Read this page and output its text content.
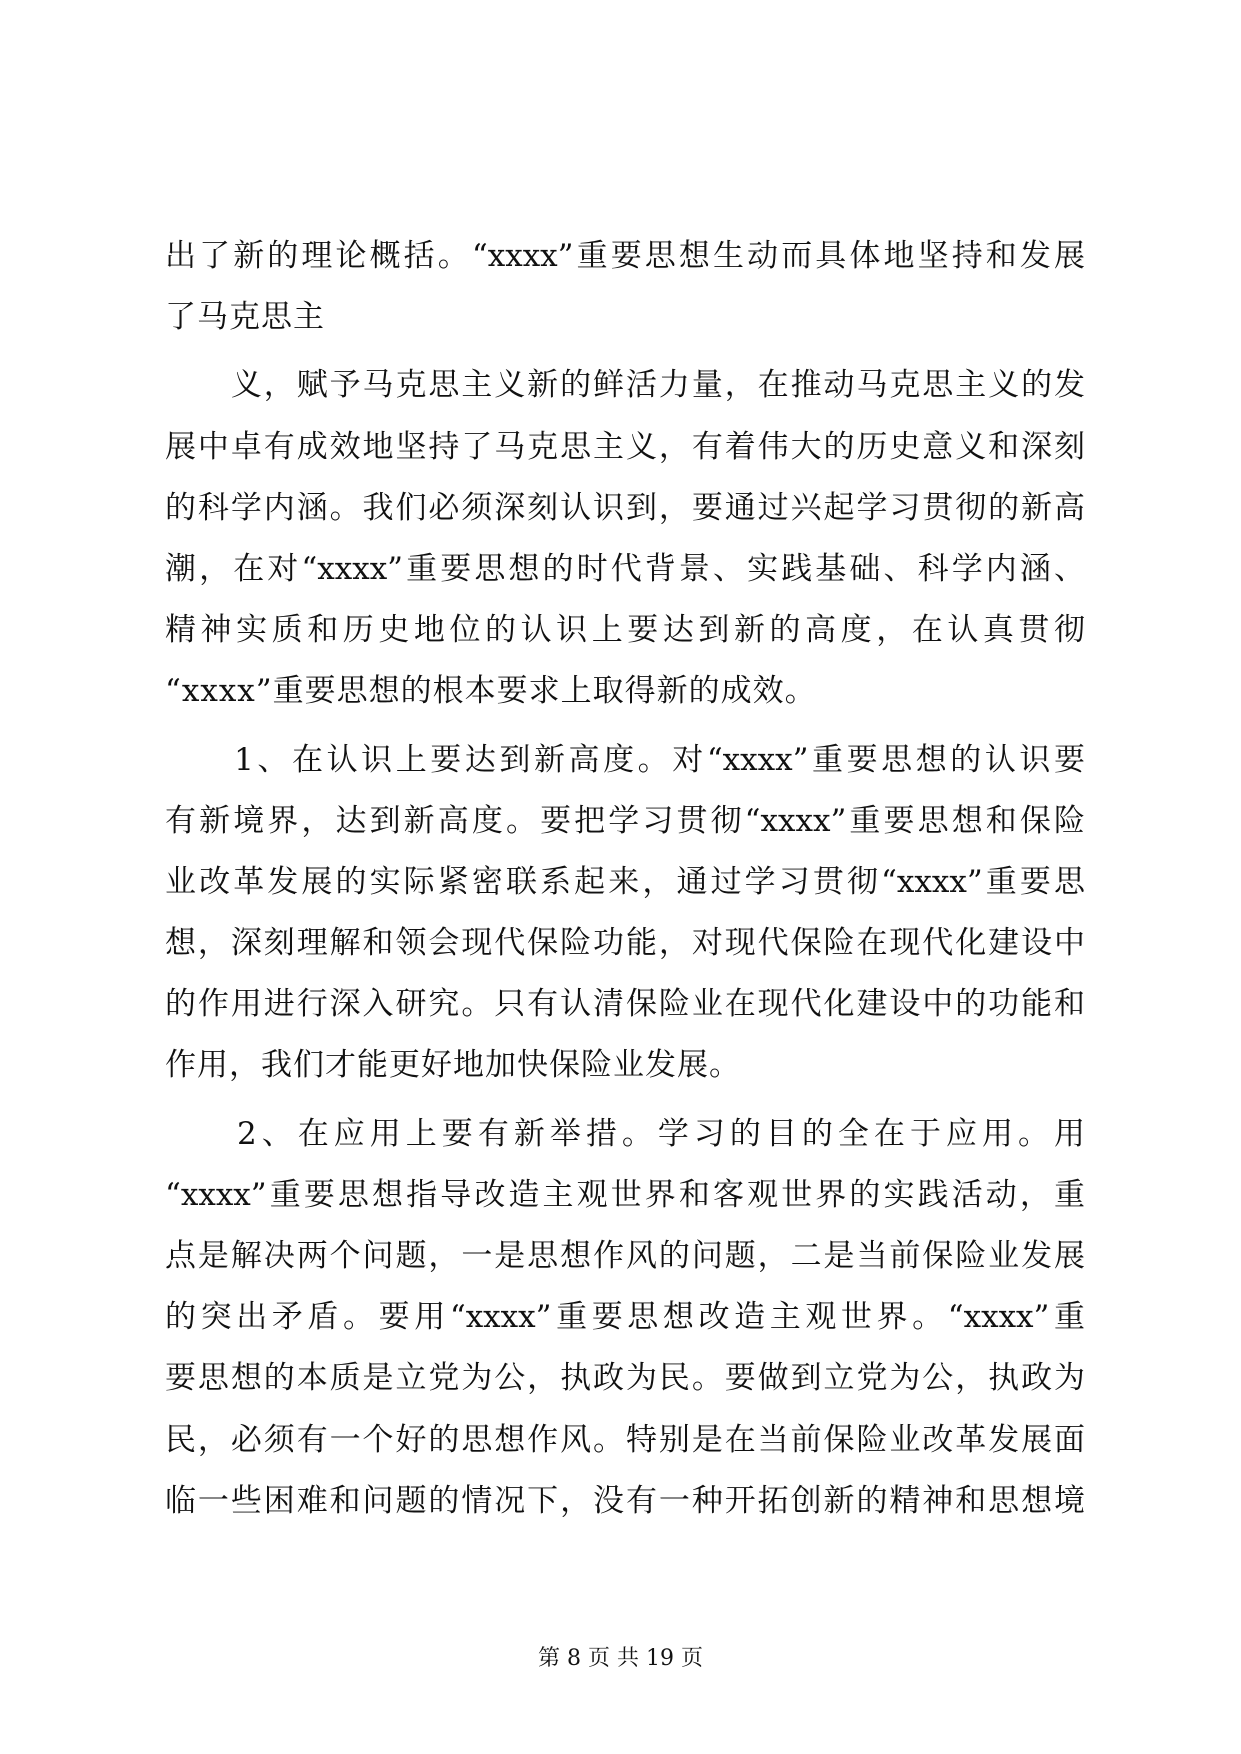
出了新的理论概括。“xxxx”重要思想生动而具体地坚持和发展
了马克思主
　　义，赋予马克思主义新的鲜活力量，在推动马克思主义的发
展中卓有成效地坚持了马克思主义，有着伟大的历史意义和深刻
的科学内涵。我们必须深刻认识到，要通过兴起学习贯彻的新高
潮，在对“xxxx”重要思想的时代背景、实践基础、科学内涵、
精神实质和历史地位的认识上要达到新的高度，在认真贯彻
“xxxx”重要思想的根本要求上取得新的成效。
　　1、在认识上要达到新高度。对“xxxx”重要思想的认识要
有新境界，达到新高度。要把学习贯彻“xxxx”重要思想和保险
业改革发展的实际紧密联系起来，通过学习贯彻“xxxx”重要思
想，深刻理解和领会现代保险功能，对现代保险在现代化建设中
的作用进行深入研究。只有认清保险业在现代化建设中的功能和
作用，我们才能更好地加快保险业发展。
　　2、在应用上要有新举措。学习的目的全在于应用。用
“xxxx”重要思想指导改造主观世界和客观世界的实践活动，重
点是解决两个问题，一是思想作风的问题，二是当前保险业发展
的突出矛盾。要用“xxxx”重要思想改造主观世界。“xxxx”重
要思想的本质是立党为公，执政为民。要做到立党为公，执政为
民，必须有一个好的思想作风。特别是在当前保险业改革发展面
临一些困难和问题的情况下，没有一种开拓创新的精神和思想境
第 8 页 共 19 页
